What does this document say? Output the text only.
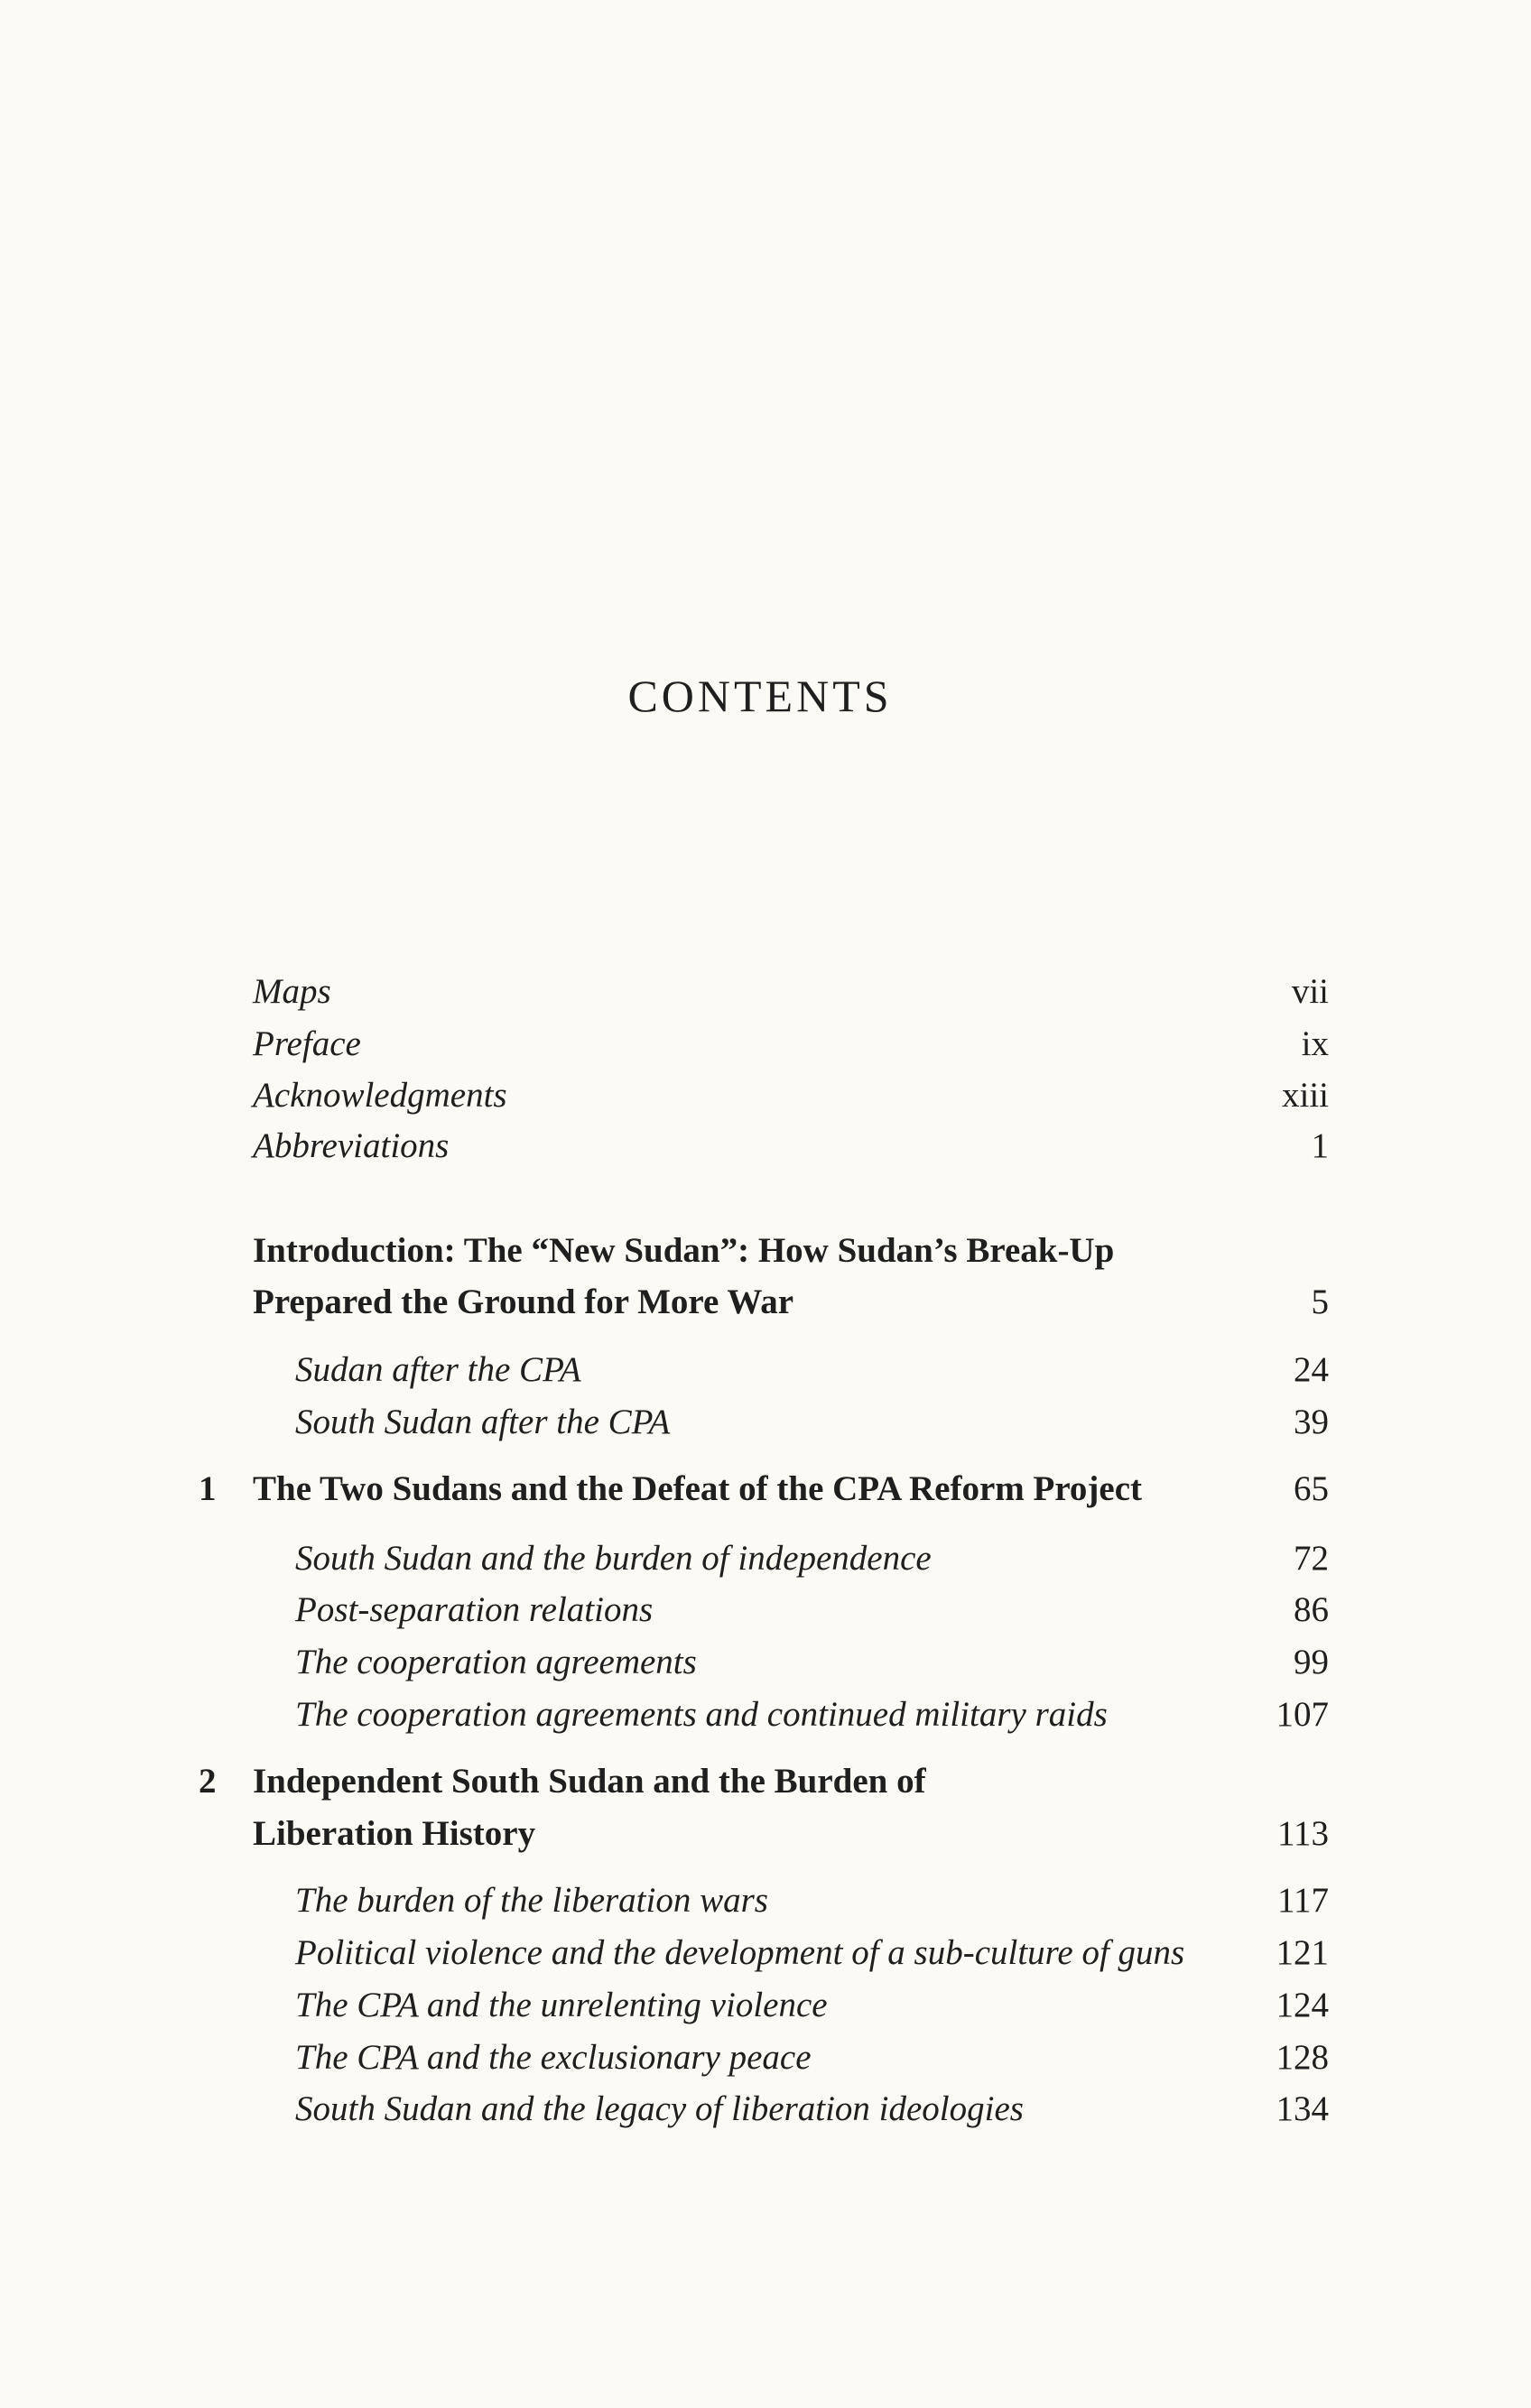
CONTENTS
Maps	vii
Preface	ix
Acknowledgments	xiii
Abbreviations	1
Introduction: The “New Sudan”: How Sudan’s Break-Up
Prepared the Ground for More War	5
Sudan after the CPA	24
South Sudan after the CPA	39
1 The Two Sudans and the Defeat of the CPA Reform Project	65
South Sudan and the burden of independence	72
Post-separation relations	86
The cooperation agreements	99
The cooperation agreements and continued military raids	107
2 Independent South Sudan and the Burden of
Liberation History	113
The burden of the liberation wars	117
Political violence and the development of a sub-culture of guns	121
The CPA and the unrelenting violence	124
The CPA and the exclusionary peace	128
South Sudan and the legacy of liberation ideologies	134
